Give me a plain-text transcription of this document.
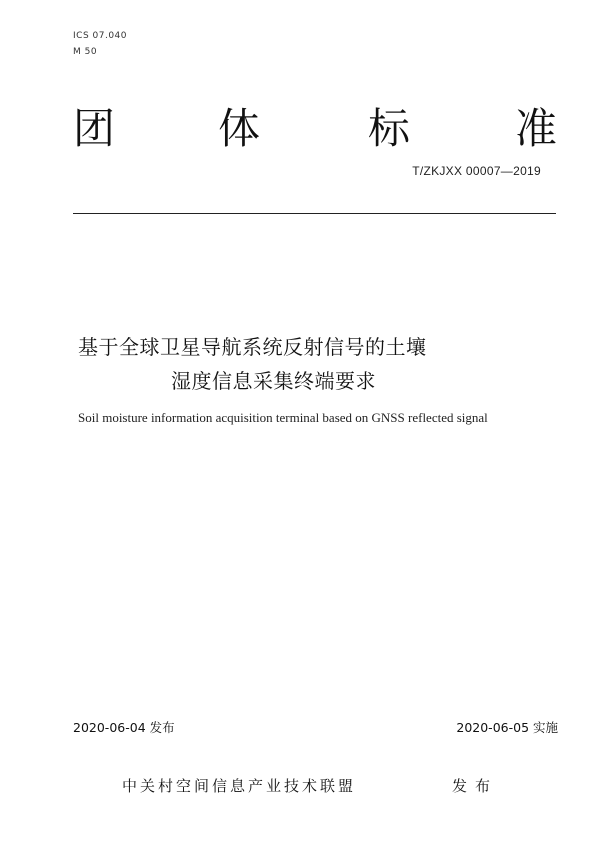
ICS 07.040
M 50
团 体	标 准
T/ZKJXX 00007—2019
基于全球卫星导航系统反射信号的土壤
湿度信息采集终端要求
Soil moisture information acquisition terminal based on GNSS reflected signal
2020-06-04 发布	2020-06-05 实施
中关村空间信息产业技术联盟	发布
